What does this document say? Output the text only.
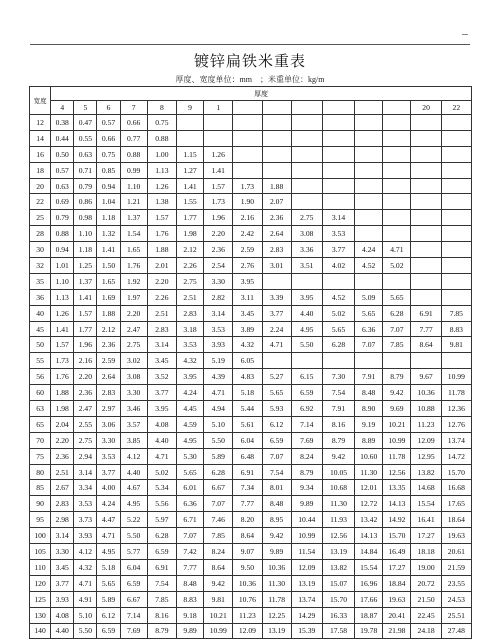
镀锌扁铁米重表
厚度、宽度单位：mm　；米重单位：kg/m
宽度	厚度														
	4	5	6	7	8	9	1							20	22
12	0.38	0.47	0.57	0.66	0.75										
14	0.44	0.55	0.66	0.77	0.88										
16	0.50	0.63	0.75	0.88	1.00	1.15	1.26								
18	0.57	0.71	0.85	0.99	1.13	1.27	1.41								
20	0.63	0.79	0.94	1.10	1.26	1.41	1.57	1.73	1.88						
22	0.69	0.86	1.04	1.21	1.38	1.55	1.73	1.90	2.07						
25	0.79	0.98	1.18	1.37	1.57	1.77	1.96	2.16	2.36	2.75	3.14				
28	0.88	1.10	1.32	1.54	1.76	1.98	2.20	2.42	2.64	3.08	3.53				
30	0.94	1.18	1.41	1.65	1.88	2.12	2.36	2.59	2.83	3.36	3.77	4.24	4.71		
32	1.01	1.25	1.50	1.76	2.01	2.26	2.54	2.76	3.01	3.51	4.02	4.52	5.02		
35	1.10	1.37	1.65	1.92	2.20	2.75	3.30	3.95							
36	1.13	1.41	1.69	1.97	2.26	2.51	2.82	3.11	3.39	3.95	4.52	5.09	5.65		
40	1.26	1.57	1.88	2.20	2.51	2.83	3.14	3.45	3.77	4.40	5.02	5.65	6.28	6.91	7.85
45	1.41	1.77	2.12	2.47	2.83	3.18	3.53	3.89	2.24	4.95	5.65	6.36	7.07	7.77	8.83
50	1.57	1.96	2.36	2.75	3.14	3.53	3.93	4.32	4.71	5.50	6.28	7.07	7.85	8.64	9.81
55	1.73	2.16	2.59	3.02	3.45	4.32	5.19	6.05							
56	1.76	2.20	2.64	3.08	3.52	3.95	4.39	4.83	5.27	6.15	7.30	7.91	8.79	9.67	10.99
60	1.88	2.36	2.83	3.30	3.77	4.24	4.71	5.18	5.65	6.59	7.54	8.48	9.42	10.36	11.78
63	1.98	2.47	2.97	3.46	3.95	4.45	4.94	5.44	5.93	6.92	7.91	8.90	9.69	10.88	12.36
65	2.04	2.55	3.06	3.57	4.08	4.59	5.10	5.61	6.12	7.14	8.16	9.19	10.21	11.23	12.76
70	2.20	2.75	3.30	3.85	4.40	4.95	5.50	6.04	6.59	7.69	8.79	8.89	10.99	12.09	13.74
75	2.36	2.94	3.53	4.12	4.71	5.30	5.89	6.48	7.07	8.24	9.42	10.60	11.78	12.95	14.72
80	2.51	3.14	3.77	4.40	5.02	5.65	6.28	6.91	7.54	8.79	10.05	11.30	12.56	13.82	15.70
85	2.67	3.34	4.00	4.67	5.34	6.01	6.67	7.34	8.01	9.34	10.68	12.01	13.35	14.68	16.68
90	2.83	3.53	4.24	4.95	5.56	6.36	7.07	7.77	8.48	9.89	11.30	12.72	14.13	15.54	17.65
95	2.98	3.73	4.47	5.22	5.97	6.71	7.46	8.20	8.95	10.44	11.93	13.42	14.92	16.41	18.64
100	3.14	3.93	4.71	5.50	6.28	7.07	7.85	8.64	9.42	10.99	12.56	14.13	15.70	17.27	19.63
105	3.30	4.12	4.95	5.77	6.59	7.42	8.24	9.07	9.89	11.54	13.19	14.84	16.49	18.18	20.61
110	3.45	4.32	5.18	6.04	6.91	7.77	8.64	9.50	10.36	12.09	13.82	15.54	17.27	19.00	21.59
120	3.77	4.71	5.65	6.59	7.54	8.48	9.42	10.36	11.30	13.19	15.07	16.96	18.84	20.72	23.55
125	3.93	4.91	5.89	6.67	7.85	8.83	9.81	10.76	11.78	13.74	15.70	17.66	19.63	21.50	24.53
130	4.08	5.10	6.12	7.14	8.16	9.18	10.21	11.23	12.25	14.29	16.33	18.87	20.41	22.45	25.51
140	4.40	5.50	6.59	7.69	8.79	9.89	10.99	12.09	13.19	15.39	17.58	19.78	21.98	24.18	27.48
